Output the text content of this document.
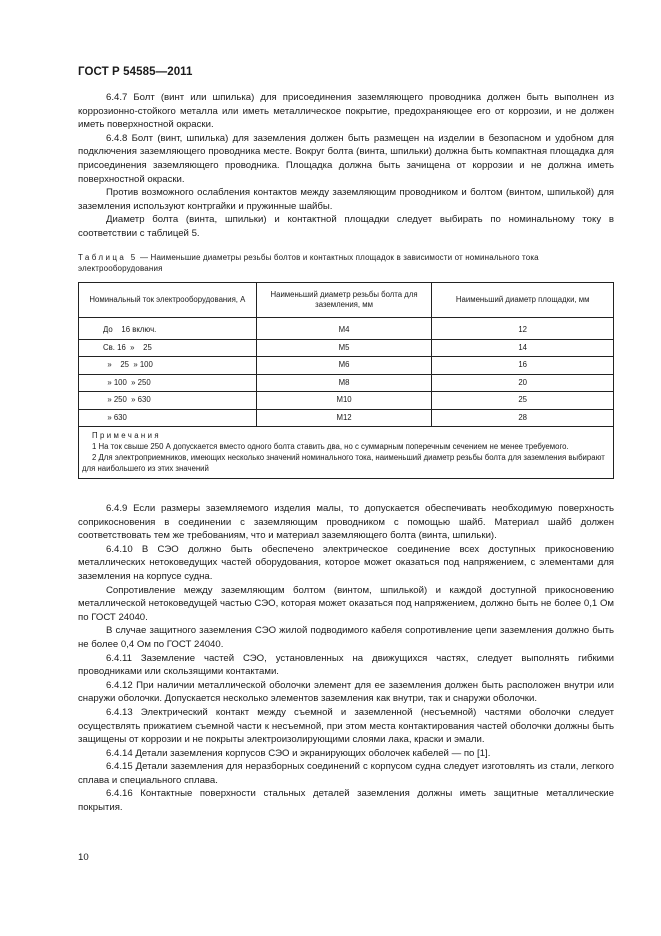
ГОСТ Р 54585—2011

6.4.7 Болт (винт или шпилька) для присоединения заземляющего проводника должен быть выполнен из коррозионно-стойкого металла или иметь металлическое покрытие, предохраняющее его от коррозии, и не должен иметь поверхностной окраски.

6.4.8 Болт (винт, шпилька) для заземления должен быть размещен на изделии в безопасном и удобном для подключения заземляющего проводника месте. Вокруг болта (винта, шпильки) должна быть компактная площадка для присоединения заземляющего проводника. Площадка должна быть зачищена от коррозии и не должна иметь поверхностной окраски.

Против возможного ослабления контактов между заземляющим проводником и болтом (винтом, шпилькой) для заземления используют контргайки и пружинные шайбы.

Диаметр болта (винта, шпильки) и контактной площадки следует выбирать по номинальному току в соответствии с таблицей 5.

Таблица 5 — Наименьшие диаметры резьбы болтов и контактных площадок в зависимости от номинального тока электрооборудования
Номинальный ток электрооборудования, А	Наименьший диаметр резьбы болта для заземления, мм	Наименьший диаметр площадки, мм
До    16 включ.	М4	12
Св. 16  »    25	М5	14
»    25  » 100	М6	16
» 100  » 250	М8	20
» 250  » 630	М10	25
» 630	М12	28
Примечания
1 На ток свыше 250 А допускается вместо одного болта ставить два, но с суммарным поперечным сечением не менее требуемого.
2 Для электроприемников, имеющих несколько значений номинального тока, наименьший диаметр резьбы болта для заземления выбирают для наибольшего из этих значений		

6.4.9 Если размеры заземляемого изделия малы, то допускается обеспечивать необходимую поверхность соприкосновения в соединении с заземляющим проводником с помощью шайб. Материал шайб должен соответствовать тем же требованиям, что и материал заземляющего болта (винта, шпильки).

6.4.10 В СЭО должно быть обеспечено электрическое соединение всех доступных прикосновению металлических нетоковедущих частей оборудования, которое может оказаться под напряжением, с элементами для заземления на корпусе судна.

Сопротивление между заземляющим болтом (винтом, шпилькой) и каждой доступной прикосновению металлической нетоковедущей частью СЭО, которая может оказаться под напряжением, должно быть не более 0,1 Ом по ГОСТ 24040.

В случае защитного заземления СЭО жилой подводимого кабеля сопротивление цепи заземления должно быть не более 0,4 Ом по ГОСТ 24040.

6.4.11 Заземление частей СЭО, установленных на движущихся частях, следует выполнять гибкими проводниками или скользящими контактами.

6.4.12 При наличии металлической оболочки элемент для ее заземления должен быть расположен внутри или снаружи оболочки. Допускается несколько элементов заземления как внутри, так и снаружи оболочки.

6.4.13 Электрический контакт между съемной и заземленной (несъемной) частями оболочки следует осуществлять прижатием съемной части к несъемной, при этом места контактирования частей оболочки должны быть защищены от коррозии и не покрыты электроизолирующими слоями лака, краски и эмали.

6.4.14 Детали заземления корпусов СЭО и экранирующих оболочек кабелей — по [1].

6.4.15 Детали заземления для неразборных соединений с корпусом судна следует изготовлять из стали, легкого сплава и специального сплава.

6.4.16 Контактные поверхности стальных деталей заземления должны иметь защитные металлические покрытия.

10
